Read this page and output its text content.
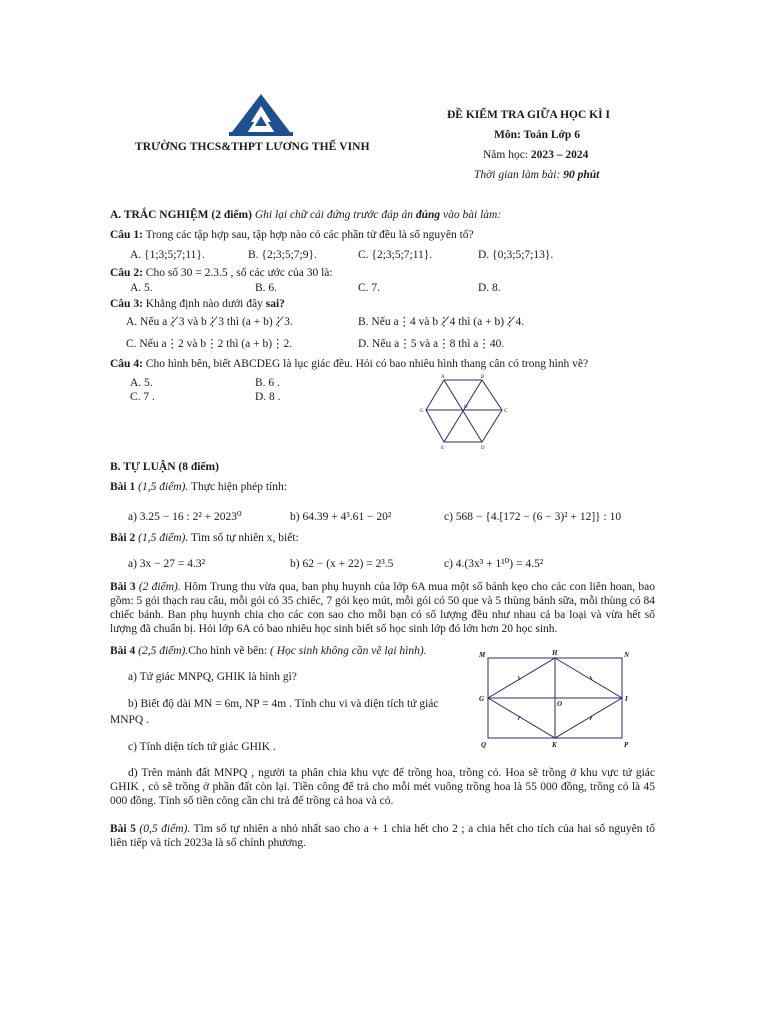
TRƯỜNG THCS&THPT LƯƠNG THẾ VINH
ĐỀ KIỂM TRA GIỮA HỌC KÌ I
Môn: Toán Lớp 6
Năm học: 2023 – 2024
Thời gian làm bài: 90 phút
A. TRẮC NGHIỆM (2 điểm) Ghi lại chữ cái đứng trước đáp án đúng vào bài làm:
Câu 1: Trong các tập hợp sau, tập hợp nào có các phần tử đều là số nguyên tố?
A. {1;3;5;7;11}.	B. {2;3;5;7;9}.	C. {2;3;5;7;11}.	D. {0;3;5;7;13}.
Câu 2: Cho số 30 = 2.3.5 , số các ước của 30 là:
A. 5.	B. 6.	C. 7.	D. 8.
Câu 3: Khẳng định nào dưới đây sai?
A. Nếu a⋮̸3 và b⋮̸3 thì (a + b)⋮̸3.	B. Nếu a⋮4 và b⋮̸4 thì (a + b)⋮̸4.
C. Nếu a⋮2 và b⋮2 thì (a + b)⋮2.	D. Nếu a⋮5 và a⋮8 thì a⋮40.
Câu 4: Cho hình bên, biết ABCDEG là lục giác đều. Hỏi có bao nhiêu hình thang cân có trong hình vẽ?
A. 5.	B. 6 .
C. 7 .	D. 8 .
A	B
C
D
E
G
O
B. TỰ LUẬN (8 điểm)
Bài 1 (1,5 điểm). Thực hiện phép tính:
a) 3.25 − 16 : 2² + 2023⁰	b) 64.39 + 4³.61 − 20²	c) 568 − {4.[172 − (6 − 3)² + 12]} : 10
Bài 2 (1,5 điểm). Tìm số tự nhiên x, biết:
a) 3x − 27 = 4.3²	b) 62 − (x + 22) = 2³.5	c) 4.(3x³ + 1¹⁰) = 4.5²
Bài 3 (2 điểm). Hôm Trung thu vừa qua, ban phụ huynh của lớp 6A mua một số bánh kẹo cho các con liên hoan, bao gồm: 5 gói thạch rau câu, mỗi gói có 35 chiếc, 7 gói kẹo mút, mỗi gói có 50 que và 5 thùng bánh sữa, mỗi thùng có 84 chiếc bánh. Ban phụ huynh chia cho các con sao cho mỗi bạn có số lượng đều như nhau cả ba loại và vừa hết số lượng đã chuẩn bị. Hỏi lớp 6A có bao nhiêu học sinh biết số học sinh lớp đó lớn hơn 20 học sinh.
Bài 4 (2,5 điểm).Cho hình vẽ bên: ( Học sinh không cần vẽ lại hình).
a) Tứ giác MNPQ, GHIK là hình gì?
b) Biết độ dài MN = 6m, NP = 4m . Tính chu vi và diện tích tứ giác
MNPQ .
c) Tính diện tích tứ giác GHIK .
d) Trên mảnh đất MNPQ , người ta phân chia khu vực để trồng hoa, trồng cỏ. Hoa sẽ trồng ở khu vực tứ giác GHIK , cỏ sẽ trồng ở phần đất còn lại. Tiền công để trả cho mỗi mét vuông trồng hoa là 55 000 đồng, trồng cỏ là 45 000 đồng. Tính số tiền công cần chi trả để trồng cả hoa và cỏ.
M	H	N
G
O
I
Q	K	P
Bài 5 (0,5 điểm). Tìm số tự nhiên a nhỏ nhất sao cho a + 1 chia hết cho 2 ; a chia hết cho tích của hai số nguyên tố liên tiếp và tích 2023a là số chính phương.
